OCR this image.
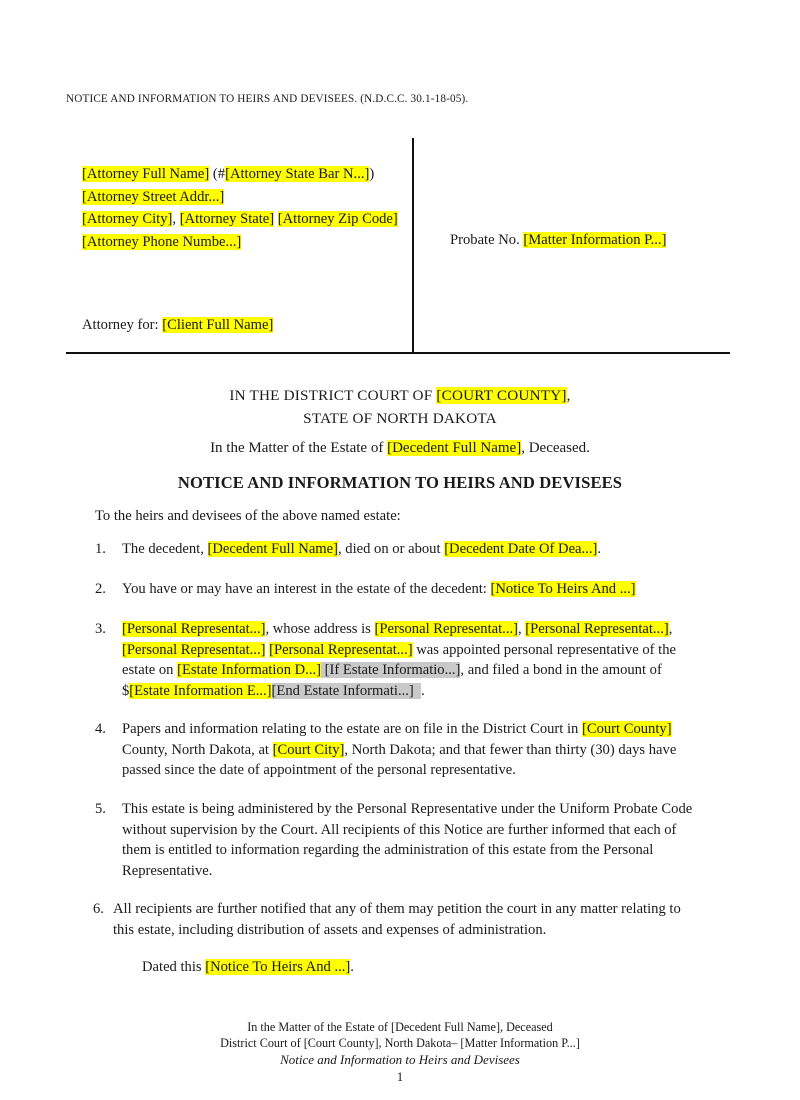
NOTICE AND INFORMATION TO HEIRS AND DEVISEES. (N.D.C.C. 30.1-18-05).
[Attorney Full Name] (#[Attorney State Bar N...])
[Attorney Street Addr...]
[Attorney City], [Attorney State] [Attorney Zip Code]
[Attorney Phone Numbe...]
Attorney for: [Client Full Name]
Probate No. [Matter Information P...]
IN THE DISTRICT COURT OF [COURT COUNTY],
STATE OF NORTH DAKOTA
In the Matter of the Estate of [Decedent Full Name], Deceased.
NOTICE AND INFORMATION TO HEIRS AND DEVISEES
To the heirs and devisees of the above named estate:
1.	The decedent, [Decedent Full Name], died on or about [Decedent Date Of Dea...].
2.	You have or may have an interest in the estate of the decedent: [Notice To Heirs And ...]
3.	[Personal Representat...], whose address is [Personal Representat...], [Personal Representat...], [Personal Representat...] [Personal Representat...] was appointed personal representative of the estate on [Estate Information D...] [If Estate Informatio...], and filed a bond in the amount of $[Estate Information E...][End Estate Informati...] .
4.	Papers and information relating to the estate are on file in the District Court in [Court County] County, North Dakota, at [Court City], North Dakota; and that fewer than thirty (30) days have passed since the date of appointment of the personal representative.
5.	This estate is being administered by the Personal Representative under the Uniform Probate Code without supervision by the Court. All recipients of this Notice are further informed that each of them is entitled to information regarding the administration of this estate from the Personal Representative.
6. All recipients are further notified that any of them may petition the court in any matter relating to this estate, including distribution of assets and expenses of administration.
Dated this [Notice To Heirs And ...].
In the Matter of the Estate of [Decedent Full Name], Deceased
District Court of [Court County], North Dakota– [Matter Information P...]
Notice and Information to Heirs and Devisees
1
